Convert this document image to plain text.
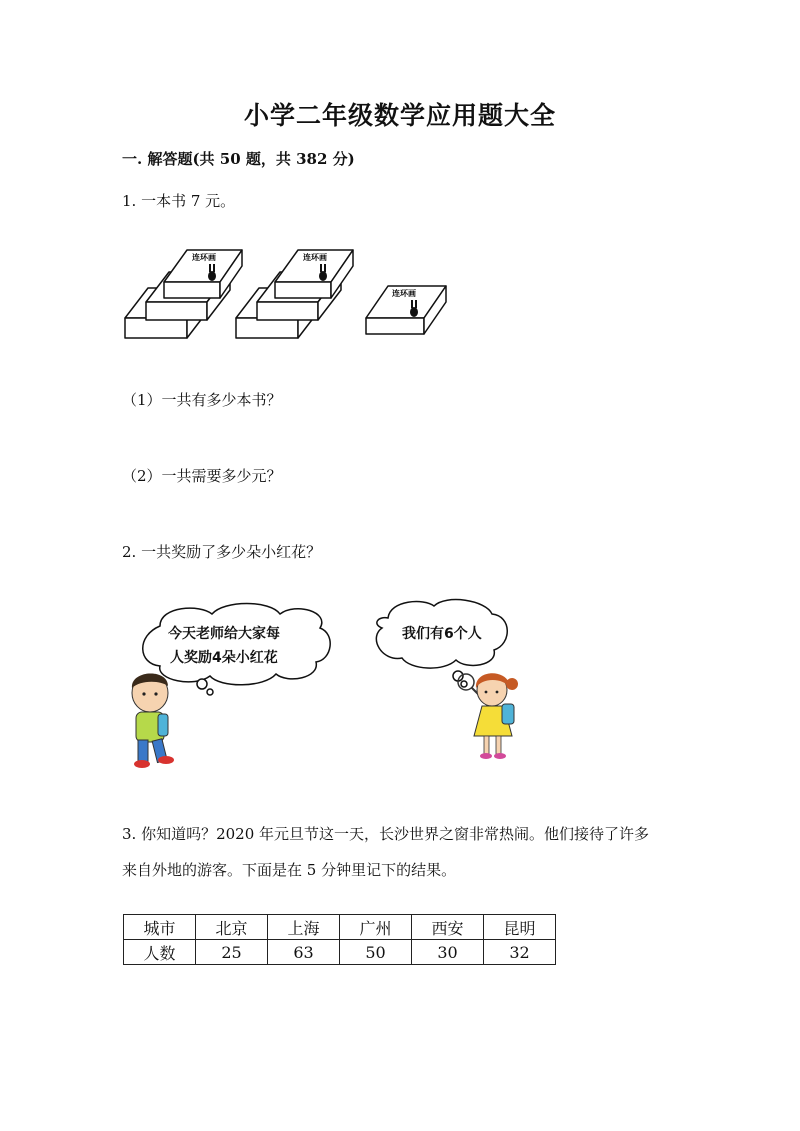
小学二年级数学应用题大全
一. 解答题(共 50 题，共 382 分)
1. 一本书 7 元。
连环画	连环画
连环画
（1）一共有多少本书？
（2）一共需要多少元？
2. 一共奖励了多少朵小红花？
今天老师给大家每
人奖励4朵小红花
我们有6个人
3. 你知道吗？2020 年元旦节这一天，长沙世界之窗非常热闹。他们接待了许多
来自外地的游客。下面是在 5 分钟里记下的结果。
城市	北京	上海	广州	西安	昆明
人数	25	63	50	30	32
